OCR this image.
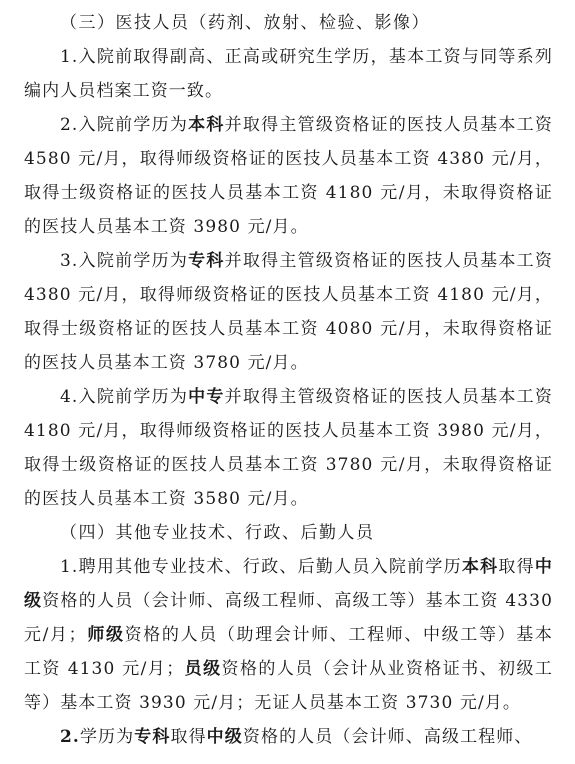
（三）医技人员（药剂、放射、检验、影像）

1.入院前取得副高、正高或研究生学历，基本工资与同等系列编内人员档案工资一致。

2.入院前学历为本科并取得主管级资格证的医技人员基本工资 4580 元/月，取得师级资格证的医技人员基本工资 4380 元/月，取得士级资格证的医技人员基本工资 4180 元/月，未取得资格证的医技人员基本工资 3980 元/月。

3.入院前学历为专科并取得主管级资格证的医技人员基本工资 4380 元/月，取得师级资格证的医技人员基本工资 4180 元/月，取得士级资格证的医技人员基本工资 4080 元/月，未取得资格证的医技人员基本工资 3780 元/月。

4.入院前学历为中专并取得主管级资格证的医技人员基本工资 4180 元/月，取得师级资格证的医技人员基本工资 3980 元/月，取得士级资格证的医技人员基本工资 3780 元/月，未取得资格证的医技人员基本工资 3580 元/月。

（四）其他专业技术、行政、后勤人员

1.聘用其他专业技术、行政、后勤人员入院前学历本科取得中级资格的人员（会计师、高级工程师、高级工等）基本工资 4330 元/月；师级资格的人员（助理会计师、工程师、中级工等）基本工资 4130 元/月；员级资格的人员（会计从业资格证书、初级工等）基本工资 3930 元/月；无证人员基本工资 3730 元/月。

2.学历为专科取得中级资格的人员（会计师、高级工程师、
